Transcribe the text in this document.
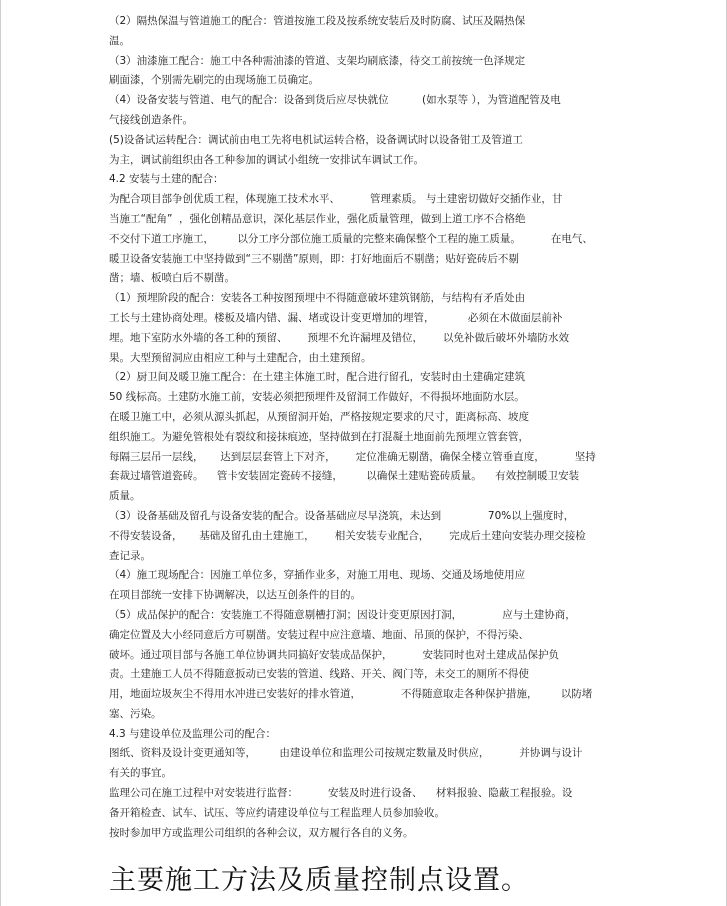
（2）隔热保温与管道施工的配合：管道按施工段及按系统安装后及时防腐、试压及隔热保
温。
（3）油漆施工配合：施工中各种需油漆的管道、支架均刷底漆，待交工前按统一色泽规定
刷面漆，个别需先刷完的由现场施工员确定。
（4）设备安装与管道、电气的配合：设备到货后应尽快就位          (如水泵等 ），为管道配管及电
气接线创造条件。
(5)设备试运转配合：调试前由电工先将电机试运转合格，设备调试时以设备钳工及管道工
为主，调试前组织由各工种参加的调试小组统一安排试车调试工作。
4.2 安装与土建的配合：
为配合项目部争创优质工程，体现施工技术水平、         管理素质。 与土建密切做好交插作业，甘
当施工“配角”  ，强化创精品意识，深化基层作业，强化质量管理，做到上道工序不合格绝
不交付下道工序施工，       以分工序分部位施工质量的完整来确保整个工程的施工质量。         在电气、
暖卫设备安装施工中坚持做到“三不剔凿”原则，即：打好地面后不剔凿；贴好瓷砖后不剔
凿；墙、板喷白后不剔凿。
（1）预埋阶段的配合：安装各工种按图预埋中不得随意破坏建筑钢筋，与结构有矛盾处由
工长与土建协商处理。楼板及墙内错、漏、堵或设计变更增加的埋管，          必须在木做面层前补
埋。地下室防水外墙的各工种的预留、      预埋不允许漏埋及错位，      以免补做后破坏外墙防水效
果。大型预留洞应由相应工种与土建配合，由土建预留。
（2）厨卫间及暖卫施工配合：在土建主体施工时，配合进行留孔，安装时由土建确定建筑
50 线标高。土建防水施工前，安装必须把预埋件及留洞工作做好，不得损坏地面防水层。
在暖卫施工中，必须从源头抓起，从预留洞开始，严格按规定要求的尺寸，距离标高、坡度
组织施工。为避免管根处有裂纹和接抹痕迹，坚持做到在打混凝土地面前先预埋立管套管，
每隔三层吊一层线，     达到层层套管上下对齐，      定位准确无剔凿，确保全楼立管垂直度，         坚持
套裁过墙管道瓷砖。    管卡安装固定瓷砖不接缝，       以确保土建贴瓷砖质量。    有效控制暖卫安装
质量。
（3）设备基础及留孔与设备安装的配合。设备基础应尽早浇筑，未达到              70%以上强度时，
不得安装设备，     基础及留孔由土建施工，      相关安装专业配合，      完成后土建向安装办理交接检
查记录。
（4）施工现场配合：因施工单位多，穿插作业多，对施工用电、现场、交通及场地使用应
在项目部统一安排下协调解决，以达互创条件的目的。
（5）成品保护的配合：安装施工不得随意剔槽打洞；因设计变更原因打洞，            应与土建协商，
确定位置及大小经同意后方可剔凿。安装过程中应注意墙、地面、吊顶的保护，不得污染、
破坏。通过项目部与各施工单位协调共同搞好安装成品保护，         安装同时也对土建成品保护负
责。土建施工人员不得随意扳动已安装的管道、线路、开关、阀门等，未交工的厕所不得使
用，地面垃圾灰尘不得用水冲进已安装好的排水管道，            不得随意取走各种保护措施，       以防堵
塞、污染。
4.3 与建设单位及监理公司的配合：
图纸、资料及设计变更通知等，       由建设单位和监理公司按规定数量及时供应，         并协调与设计
有关的事宜。
监理公司在施工过程中对安装进行监督：         安装及时进行设备、    材料报验、隐蔽工程报验。设
备开箱检查、试车、试压、等应约请建设单位与工程监理人员参加验收。
按时参加甲方或监理公司组织的各种会议，双方履行各自的义务。
主要施工方法及质量控制点设置。
